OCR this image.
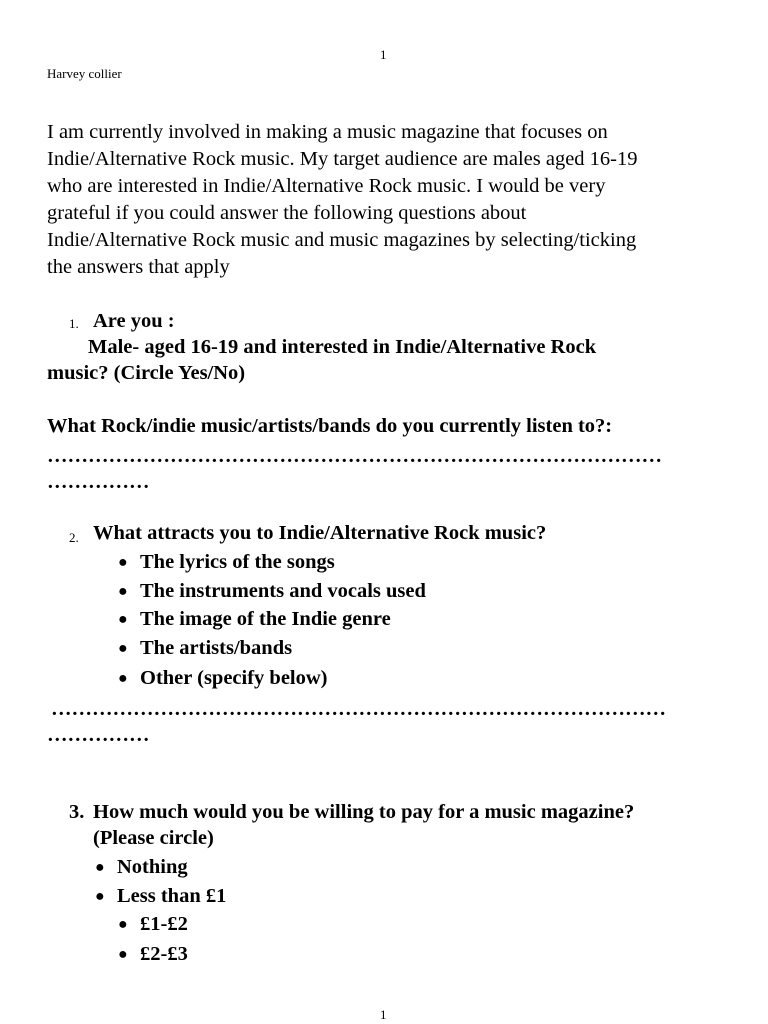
1
Harvey collier
I am currently involved in making a music magazine that focuses on
Indie/Alternative Rock music. My target audience are males aged 16-19
who are interested in Indie/Alternative Rock music. I would be very
grateful if you could answer the following questions about
Indie/Alternative Rock music and music magazines by selecting/ticking
the answers that apply
1. Are you :
Male- aged 16-19 and interested in Indie/Alternative Rock
music? (Circle Yes/No)
What Rock/indie music/artists/bands do you currently listen to?:
………………………………………………………………………………
……………
2. What attracts you to Indie/Alternative Rock music?
● The lyrics of the songs
● The instruments and vocals used
● The image of the Indie genre
● The artists/bands
● Other (specify below)
………………………………………………………………………………
……………
3. How much would you be willing to pay for a music magazine?
(Please circle)
● Nothing
● Less than £1
● £1-£2
● £2-£3
1
